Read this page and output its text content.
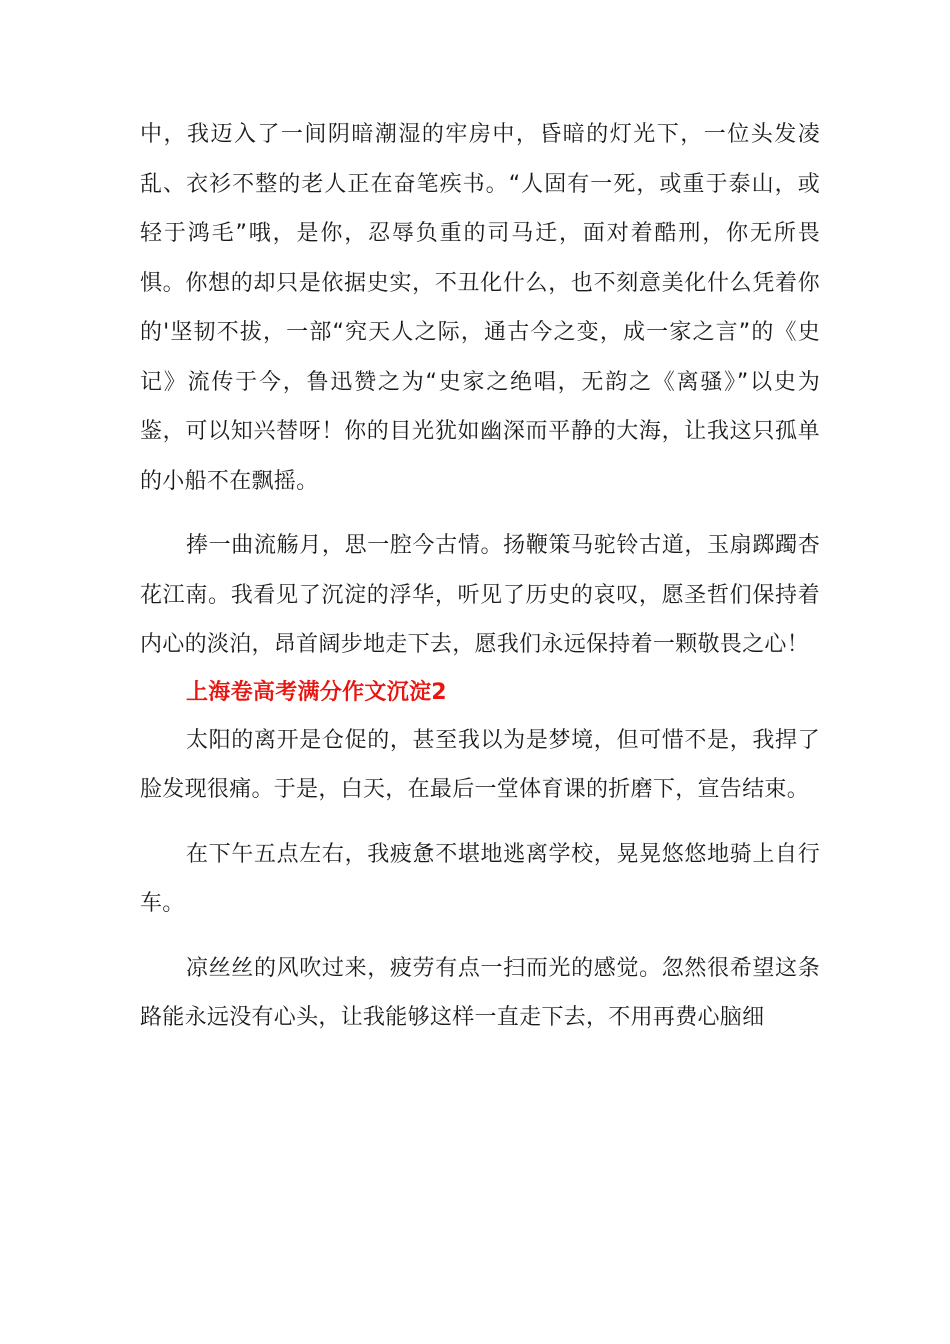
中，我迈入了一间阴暗潮湿的牢房中，昏暗的灯光下，一位头发凌乱、衣衫不整的老人正在奋笔疾书。“人固有一死，或重于泰山，或轻于鸿毛”哦，是你，忍辱负重的司马迁，面对着酷刑，你无所畏惧。你想的却只是依据史实，不丑化什么，也不刻意美化什么凭着你的'坚韧不拔，一部“究天人之际，通古今之变，成一家之言”的《史记》流传于今，鲁迅赞之为“史家之绝唱，无韵之《离骚》”以史为鉴，可以知兴替呀！你的目光犹如幽深而平静的大海，让我这只孤单的小船不在飘摇。

捧一曲流觞月，思一腔今古情。扬鞭策马驼铃古道，玉扇踯躅杏花江南。我看见了沉淀的浮华，听见了历史的哀叹，愿圣哲们保持着内心的淡泊，昂首阔步地走下去，愿我们永远保持着一颗敬畏之心！

上海卷高考满分作文沉淀2

太阳的离开是仓促的，甚至我以为是梦境，但可惜不是，我捍了脸发现很痛。于是，白天，在最后一堂体育课的折磨下，宣告结束。

在下午五点左右，我疲惫不堪地逃离学校，晃晃悠悠地骑上自行车。

凉丝丝的风吹过来，疲劳有点一扫而光的感觉。忽然很希望这条路能永远没有心头，让我能够这样一直走下去，不用再费心脑细
